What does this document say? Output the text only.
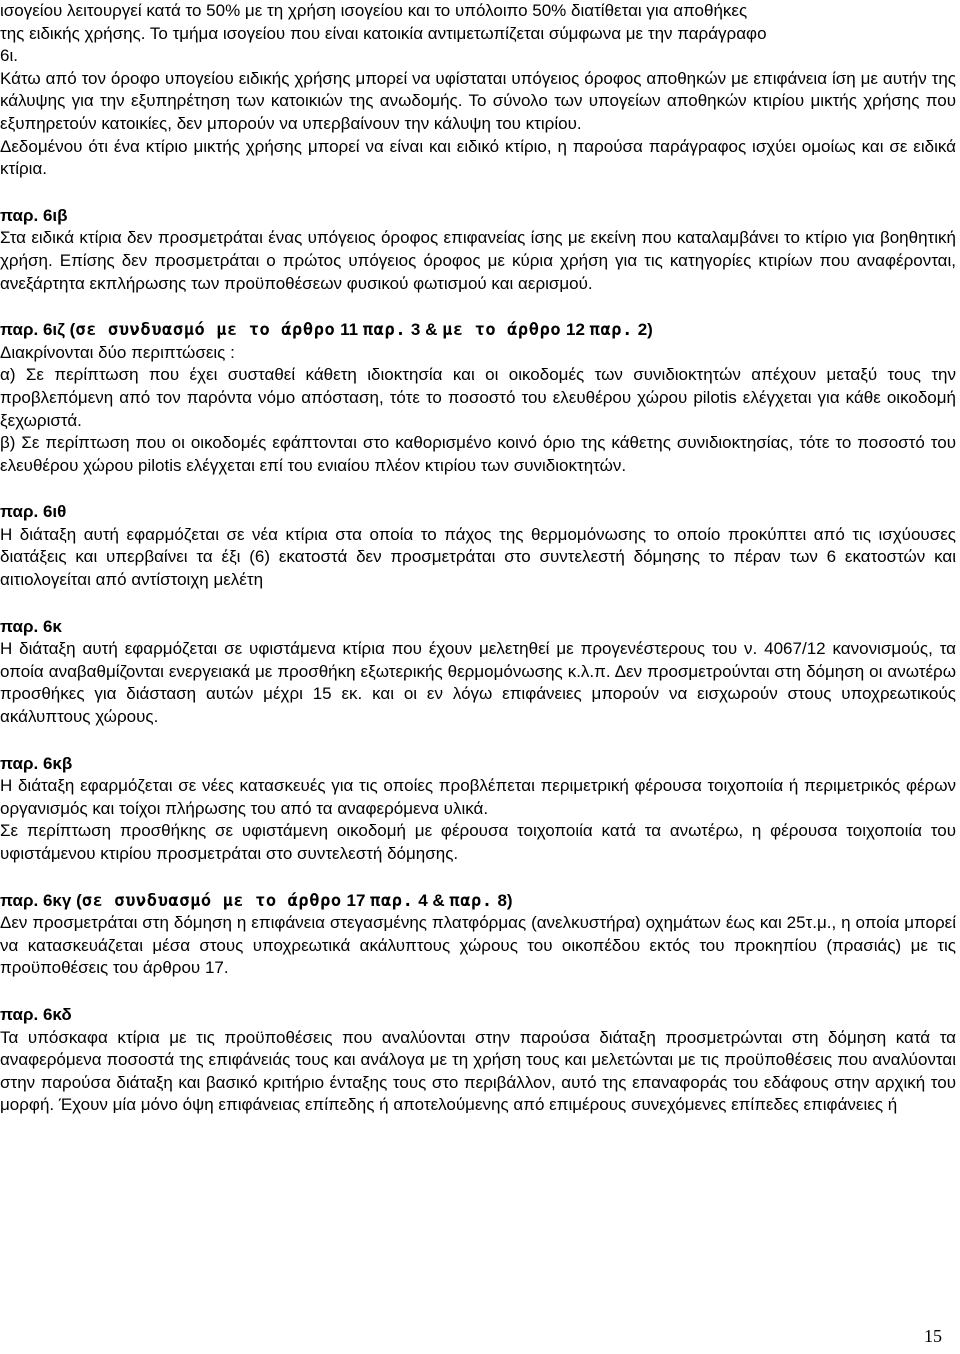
ισογείου λειτουργεί κατά το 50% με τη χρήση ισογείου και το υπόλοιπο 50% διατίθεται για αποθήκες
της ειδικής χρήσης. Το τμήμα ισογείου που είναι κατοικία αντιμετωπίζεται σύμφωνα με την παράγραφο
6ι.

Κάτω από τον όροφο υπογείου ειδικής χρήσης μπορεί να υφίσταται υπόγειος όροφος αποθηκών με επιφάνεια ίση με αυτήν της κάλυψης για την εξυπηρέτηση των κατοικιών της ανωδομής. Το σύνολο των υπογείων αποθηκών κτιρίου μικτής χρήσης που εξυπηρετούν κατοικίες, δεν μπορούν να υπερβαίνουν την κάλυψη του κτιρίου.

Δεδομένου ότι ένα κτίριο μικτής χρήσης μπορεί να είναι και ειδικό κτίριο, η παρούσα παράγραφος ισχύει ομοίως και σε ειδικά κτίρια.

παρ. 6ιβ

Στα ειδικά κτίρια δεν προσμετράται ένας υπόγειος όροφος επιφανείας ίσης με εκείνη που καταλαμβάνει το κτίριο για βοηθητική χρήση. Επίσης δεν προσμετράται ο πρώτος υπόγειος όροφος με κύρια χρήση για τις κατηγορίες κτιρίων που αναφέρονται, ανεξάρτητα εκπλήρωσης των προϋποθέσεων φυσικού φωτισμού και αερισμού.

παρ. 6ιζ (σε συνδυασμό με το άρθρο 11 παρ. 3 & με το άρθρο 12 παρ. 2)

Διακρίνονται δύο περιπτώσεις :

α) Σε περίπτωση που έχει συσταθεί κάθετη ιδιοκτησία και οι οικοδομές των συνιδιοκτητών απέχουν μεταξύ τους την προβλεπόμενη από τον παρόντα νόμο απόσταση, τότε το ποσοστό του ελευθέρου χώρου pilotis ελέγχεται για κάθε οικοδομή ξεχωριστά.

β) Σε περίπτωση που οι οικοδομές εφάπτονται στο καθορισμένο κοινό όριο της κάθετης συνιδιοκτησίας, τότε το ποσοστό του ελευθέρου χώρου pilotis ελέγχεται επί του ενιαίου πλέον κτιρίου των συνιδιοκτητών.

παρ. 6ιθ

Η διάταξη αυτή εφαρμόζεται σε νέα κτίρια στα οποία το πάχος της θερμομόνωσης το οποίο προκύπτει από τις ισχύουσες διατάξεις και υπερβαίνει τα έξι (6) εκατοστά δεν προσμετράται στο συντελεστή δόμησης το πέραν των 6 εκατοστών και αιτιολογείται από αντίστοιχη μελέτη

παρ. 6κ

Η διάταξη αυτή εφαρμόζεται σε υφιστάμενα κτίρια που έχουν μελετηθεί με προγενέστερους του ν. 4067/12 κανονισμούς, τα οποία αναβαθμίζονται ενεργειακά με προσθήκη εξωτερικής θερμομόνωσης κ.λ.π. Δεν προσμετρούνται στη δόμηση οι ανωτέρω προσθήκες για διάσταση αυτών μέχρι 15 εκ. και οι εν λόγω επιφάνειες μπορούν να εισχωρούν στους υποχρεωτικούς ακάλυπτους χώρους.

παρ. 6κβ

Η διάταξη εφαρμόζεται σε νέες κατασκευές για τις οποίες προβλέπεται περιμετρική φέρουσα τοιχοποιία ή περιμετρικός φέρων οργανισμός και τοίχοι πλήρωσης του από τα αναφερόμενα υλικά.

Σε περίπτωση προσθήκης σε υφιστάμενη οικοδομή με φέρουσα τοιχοποιία κατά τα ανωτέρω, η φέρουσα τοιχοποιία του υφιστάμενου κτιρίου προσμετράται στο συντελεστή δόμησης.

παρ. 6κγ (σε συνδυασμό με το άρθρο 17 παρ. 4 & παρ. 8)

Δεν προσμετράται στη δόμηση η επιφάνεια στεγασμένης πλατφόρμας (ανελκυστήρα) οχημάτων έως και 25τ.μ., η οποία μπορεί να κατασκευάζεται μέσα στους υποχρεωτικά ακάλυπτους χώρους του οικοπέδου εκτός του προκηπίου (πρασιάς) με τις προϋποθέσεις του άρθρου 17.

παρ. 6κδ

Τα υπόσκαφα κτίρια με τις προϋποθέσεις που αναλύονται στην παρούσα διάταξη προσμετρώνται στη δόμηση κατά τα αναφερόμενα ποσοστά της επιφάνειάς τους και ανάλογα με τη χρήση τους και μελετώνται με τις προϋποθέσεις που αναλύονται στην παρούσα διάταξη και βασικό κριτήριο ένταξης τους στο περιβάλλον, αυτό της επαναφοράς του εδάφους στην αρχική του μορφή. Έχουν μία μόνο όψη επιφάνειας επίπεδης ή αποτελούμενης από επιμέρους συνεχόμενες επίπεδες επιφάνειες ή

15
